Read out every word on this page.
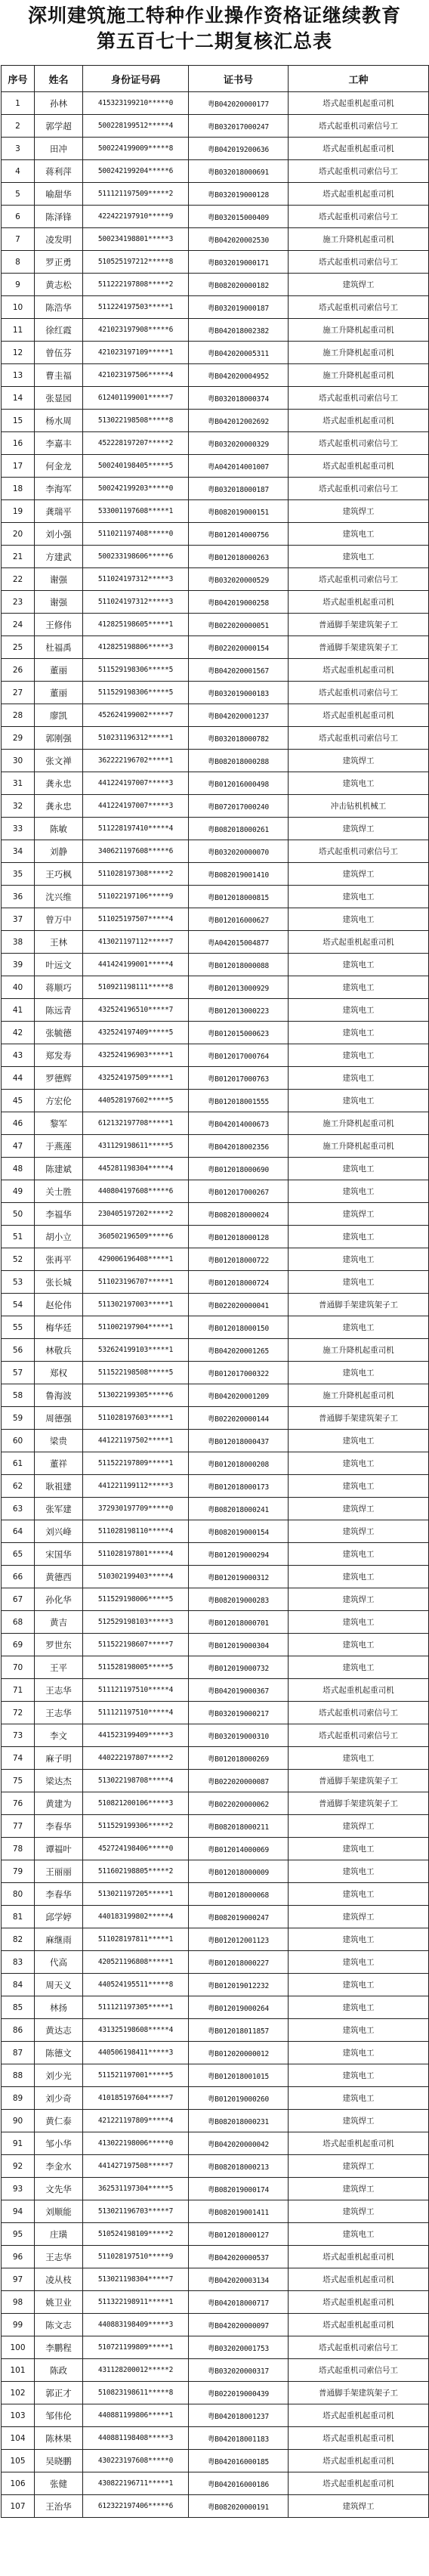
深圳建筑施工特种作业操作资格证继续教育
第五百七十二期复核汇总表
序号	姓名	身份证号码	证书号	工种
1	孙林	415323199210*****0	粤B042020000177	塔式起重机起重司机
2	郭学超	500228199512*****4	粤B032017000247	塔式起重机司索信号工
3	田冲	500224199009*****8	粤B042019200636	塔式起重机起重司机
4	蒋利萍	500242199204*****6	粤B032018000691	塔式起重机司索信号工
5	喻甜华	511121197509*****2	粤B032019000128	塔式起重机起重司机
6	陈泽锋	422422197910*****9	粤B032015000409	塔式起重机司索信号工
7	凌发明	500234198801*****3	粤B042020002530	施工升降机起重司机
8	罗正勇	510525197212*****8	粤B032019000171	塔式起重机司索信号工
9	黄志松	511222197808*****2	粤B082020000182	建筑焊工
10	陈浩华	511224197503*****1	粤B032019000187	塔式起重机司索信号工
11	徐红霞	421023197908*****6	粤B042018002382	施工升降机起重司机
12	曾伍芬	421023197109*****1	粤B042020005311	施工升降机起重司机
13	曹圭福	421023197506*****4	粤B042020004952	施工升降机起重司机
14	张显园	612401199001*****7	粤B032018000374	塔式起重机司索信号工
15	杨水周	513022198508*****8	粤B042012002692	塔式起重机起重司机
16	李嘉丰	452228197207*****2	粤B032020000329	塔式起重机司索信号工
17	何金龙	500240198405*****5	粤A042014001007	塔式起重机起重司机
18	李海军	500242199203*****0	粤B032018000187	塔式起重机司索信号工
19	龚瑞平	533001197608*****1	粤B082019000151	建筑焊工
20	刘小强	511021197408*****0	粤B012014000756	建筑电工
21	方建武	500233198606*****6	粤B012018000263	建筑电工
22	谢强	511024197312*****3	粤B032020000529	塔式起重机司索信号工
23	谢强	511024197312*****3	粤B042019000258	塔式起重机起重司机
24	王修伟	412825198605*****1	粤B022020000051	普通脚手架建筑架子工
25	杜福禹	412825198806*****3	粤B022020000154	普通脚手架建筑架子工
26	董丽	511529198306*****5	粤B042020001567	塔式起重机起重司机
27	董丽	511529198306*****5	粤B032019000183	塔式起重机司索信号工
28	廖凯	452624199002*****7	粤B042020001237	塔式起重机起重司机
29	郭刚强	510231196312*****1	粤B032018000782	塔式起重机司索信号工
30	张文禅	362222196702*****1	粤B082018000288	建筑焊工
31	龚永忠	441224197007*****3	粤B012016000498	建筑电工
32	龚永忠	441224197007*****3	粤B072017000240	冲击钻机机械工
33	陈敏	511228197410*****4	粤B082018000261	建筑焊工
34	刘静	340621197608*****6	粤B032020000070	塔式起重机司索信号工
35	王巧枫	511028197308*****2	粤B082019001410	建筑焊工
36	沈兴维	511022197106*****9	粤B012018000815	建筑电工
37	曾万中	511025197507*****4	粤B012016000627	建筑电工
38	王林	413021197112*****7	粤A042015004877	塔式起重机起重司机
39	叶远文	441424199001*****4	粤B012018000088	建筑电工
40	蒋顺巧	510921198111*****8	粤B012013000929	建筑电工
41	陈远青	432524196510*****7	粤B012013000223	建筑电工
42	张毓德	432524197409*****5	粤B012015000623	建筑电工
43	郑发寿	432524196903*****1	粤B012017000764	建筑电工
44	罗德辉	432524197509*****1	粤B012017000763	建筑电工
45	方宏伦	440528197602*****5	粤B012018001555	建筑电工
46	黎军	612132197708*****1	粤B042014000673	施工升降机起重司机
47	于燕莲	431129198611*****5	粤B042018002356	施工升降机起重司机
48	陈建斌	445281198304*****4	粤B012018000690	建筑电工
49	关士胜	440804197608*****6	粤B012017000267	建筑电工
50	李福华	230405197202*****2	粤B082018000024	建筑焊工
51	胡小立	360502196509*****6	粤B012018000128	建筑电工
52	张再平	429006196408*****1	粤B012018000722	建筑电工
53	张长城	511023196707*****1	粤B012018000724	建筑电工
54	赵伦伟	511302197003*****1	粤B022020000041	普通脚手架建筑架子工
55	梅华廷	511002197904*****1	粤B012018000150	建筑电工
56	林敬兵	532624199103*****1	粤B042020001265	施工升降机起重司机
57	郑权	511522198508*****5	粤B012017000322	建筑电工
58	鲁海波	513022199305*****6	粤B042020001209	施工升降机起重司机
59	周德强	511028197603*****1	粤B022020000144	普通脚手架建筑架子工
60	梁贵	441221197502*****1	粤B012018000437	建筑电工
61	董祥	511522197809*****1	粤B012018000208	建筑电工
62	耿祖建	441221199112*****3	粤B012018000173	建筑电工
63	张军建	372930197709*****0	粤B082018000241	建筑焊工
64	刘兴峰	511028198110*****4	粤B082019000154	建筑焊工
65	宋国华	511028197801*****4	粤B012019000294	建筑电工
66	黄德西	510302199403*****4	粤B012019000312	建筑电工
67	孙化华	511529198006*****5	粤B082019000283	建筑焊工
68	黄吉	512529198103*****3	粤B012018000701	建筑电工
69	罗世东	511522198607*****7	粤B012019000304	建筑电工
70	王平	511528198005*****5	粤B012019000732	建筑电工
71	王志华	511121197510*****4	粤B042019000367	塔式起重机起重司机
72	王志华	511121197510*****4	粤B032019000217	塔式起重机司索信号工
73	李文	441523199409*****3	粤B032019000310	塔式起重机司索信号工
74	麻子明	440222197807*****2	粤B012018000269	建筑电工
75	梁达杰	513022198708*****4	粤B022020000087	普通脚手架建筑架子工
76	黄建为	510821200106*****3	粤B022020000062	普通脚手架建筑架子工
77	李春华	511529199306*****2	粤B082018000211	建筑焊工
78	谭福叶	452724198406*****0	粤B012014000069	建筑电工
79	王丽丽	511602198805*****2	粤B012018000009	建筑电工
80	李春华	513021197205*****1	粤B012018000068	建筑电工
81	邱学婷	440183199802*****4	粤B082019000247	建筑焊工
82	麻继雨	511028197811*****1	粤B012012001123	建筑电工
83	代高	420521196808*****1	粤B012018000227	建筑电工
84	周天义	440524195511*****8	粤B012019012232	建筑电工
85	林扬	511121197305*****1	粤B012019000264	建筑电工
86	黄达志	431325198608*****4	粤B012018011857	建筑电工
87	陈德文	440506198411*****3	粤B012020000012	建筑电工
88	刘少光	511521197001*****5	粤B012018001015	建筑电工
89	刘少奇	410185197604*****7	粤B012019000260	建筑电工
90	黄仁泰	421221197809*****4	粤B082018000231	建筑焊工
91	邹小华	413022198006*****0	粤B042020000042	塔式起重机起重司机
92	李金水	441427197508*****7	粤B082018000213	建筑焊工
93	文先华	362531197304*****5	粤B082019000174	建筑焊工
94	刘顺能	513021196703*****7	粤B082019001411	建筑焊工
95	庄璜	510524198109*****2	粤B012018000127	建筑电工
96	王志华	511028197510*****9	粤B042020000537	塔式起重机起重司机
97	凌从枝	513021198304*****7	粤B042020003134	塔式起重机起重司机
98	姚卫业	511322198911*****1	粤B042018000717	塔式起重机起重司机
99	陈文志	440883198409*****3	粤B042020000097	塔式起重机起重司机
100	李鹏程	510721199809*****1	粤B032020001753	塔式起重机司索信号工
101	陈政	431128200012*****2	粤B032020000317	塔式起重机司索信号工
102	郭正才	510823198611*****8	粤B022019000439	普通脚手架建筑架子工
103	邹伟伦	440881199806*****1	粤B042018001237	塔式起重机起重司机
104	陈林果	440881198408*****3	粤B042018001183	塔式起重机起重司机
105	吴晓鹏	430223197608*****0	粤B042016000185	塔式起重机起重司机
106	张健	430822196711*****1	粤B042016000186	塔式起重机起重司机
107	王治华	612322197406*****6	粤B082020000191	建筑焊工
